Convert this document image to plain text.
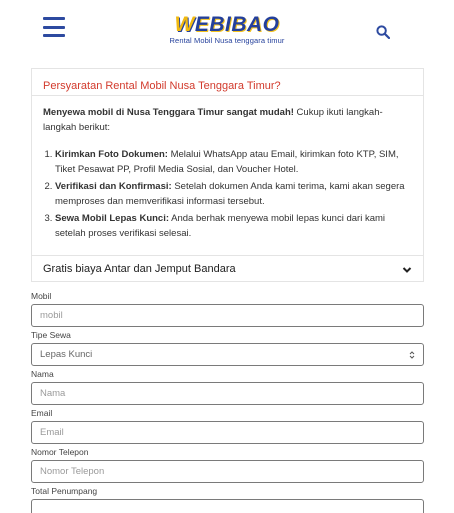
WEBIBAO
Rental Mobil Nusa tenggara timur
Persyaratan Rental Mobil Nusa Tenggara Timur?

Menyewa mobil di Nusa Tenggara Timur sangat mudah! Cukup ikuti langkah-langkah berikut:

1. Kirimkan Foto Dokumen: Melalui WhatsApp atau Email, kirimkan foto KTP, SIM, Tiket Pesawat PP, Profil Media Sosial, dan Voucher Hotel.
2. Verifikasi dan Konfirmasi: Setelah dokumen Anda kami terima, kami akan segera memproses dan memverifikasi informasi tersebut.
3. Sewa Mobil Lepas Kunci: Anda berhak menyewa mobil lepas kunci dari kami setelah proses verifikasi selesai.
Gratis biaya Antar dan Jemput Bandara
Mobil
mobil
Tipe Sewa
Lepas Kunci
Nama
Nama
Email
Email
Nomor Telepon
Nomor Telepon
Total Penumpang
